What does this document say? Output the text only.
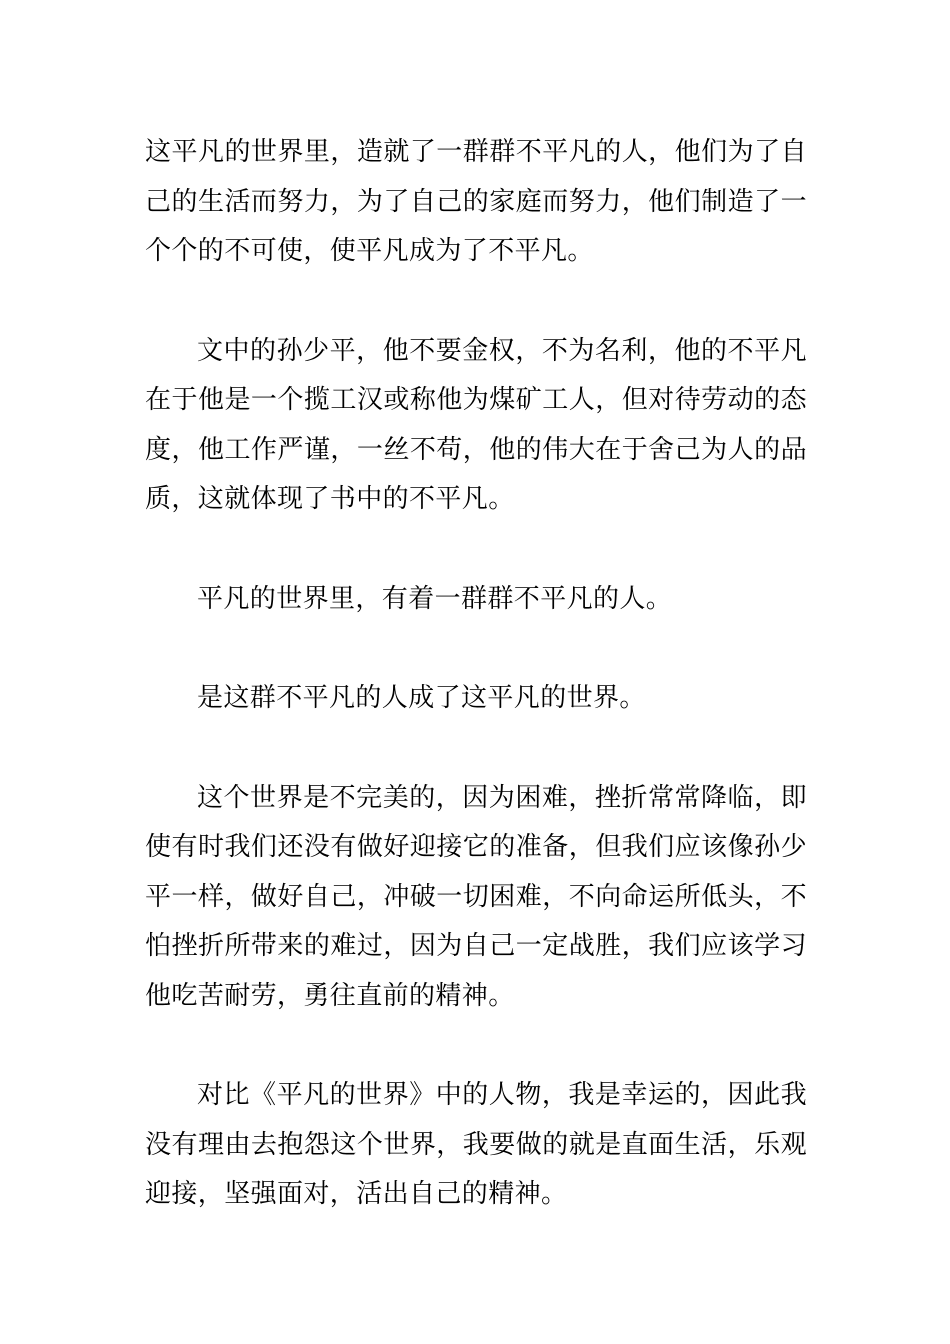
这平凡的世界里，造就了一群群不平凡的人，他们为了自己的生活而努力，为了自己的家庭而努力，他们制造了一个个的不可使，使平凡成为了不平凡。

文中的孙少平，他不要金权，不为名利，他的不平凡在于他是一个揽工汉或称他为煤矿工人，但对待劳动的态度，他工作严谨，一丝不苟，他的伟大在于舍己为人的品质，这就体现了书中的不平凡。

平凡的世界里，有着一群群不平凡的人。

是这群不平凡的人成了这平凡的世界。

这个世界是不完美的，因为困难，挫折常常降临，即使有时我们还没有做好迎接它的准备，但我们应该像孙少平一样，做好自己，冲破一切困难，不向命运所低头，不怕挫折所带来的难过，因为自己一定战胜，我们应该学习他吃苦耐劳，勇往直前的精神。

对比《平凡的世界》中的人物，我是幸运的，因此我没有理由去抱怨这个世界，我要做的就是直面生活，乐观迎接，坚强面对，活出自己的精神。
